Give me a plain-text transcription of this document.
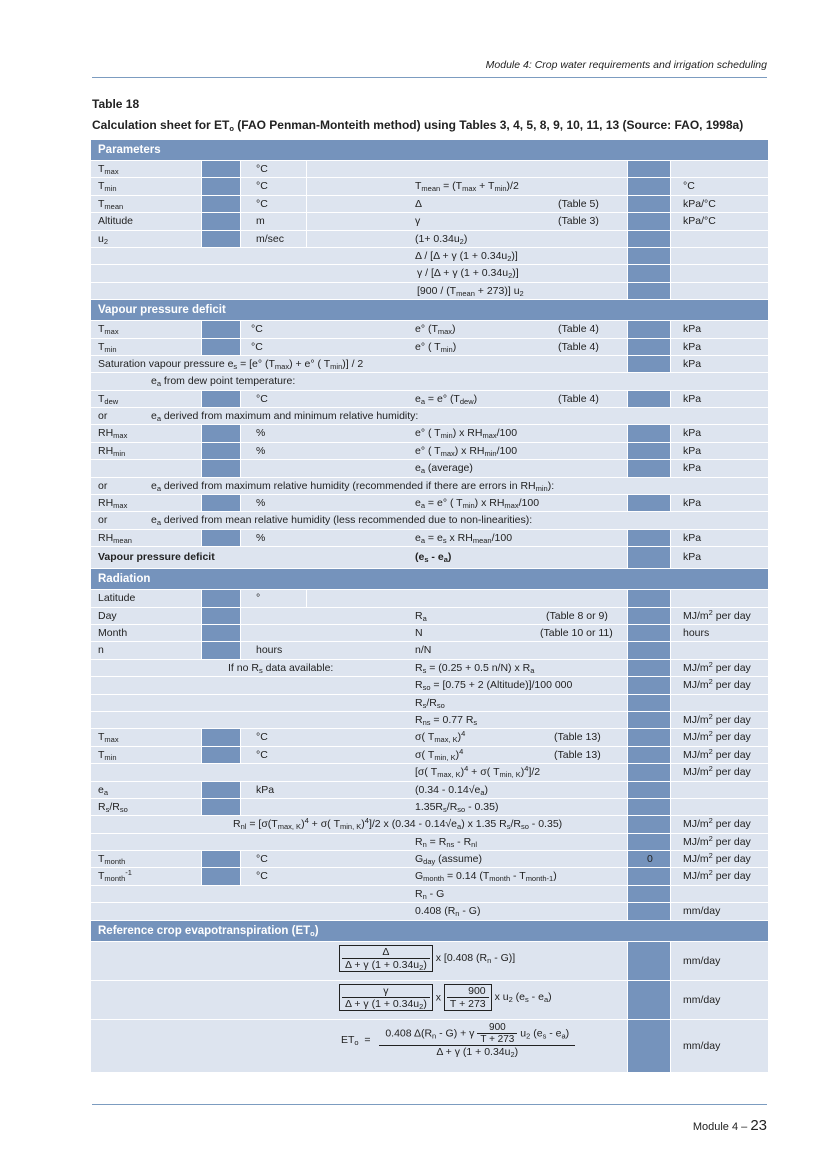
Module 4: Crop water requirements and irrigation scheduling
Table 18
Calculation sheet for $ET_o$ (FAO Penman-Monteith method) using Tables 3, 4, 5, 8, 9, 10, 11, 13 (Source: FAO, 1998a)
Parameters
$T_{max}$	°C
$T_{min}$	°C	$T_{mean} = (T_{max} + T_{min})/2$	°C
$T_{mean}$	°C	Δ	(Table 5)	kPa/°C
Altitude	m	γ	(Table 3)	kPa/°C
$u_2$	m/sec	$(1+ 0.34u_2)$
Δ / [Δ + γ $(1 + 0.34u_2)$]
γ / [Δ + γ $(1 + 0.34u_2)$]
$[900 / (T_{mean} + 273)]$ $u_2$
Vapour pressure deficit
$T_{max}$	°C	e° $(T_{max})$	(Table 4)	kPa
$T_{min}$	°C	e° ( $T_{min}$)	(Table 4)	kPa
Saturation vapour pressure $e_s = [e^\circ$ $(T_{max}) + e^\circ$ ( $T_{min})] / 2$	kPa
$e_a$ from dew point temperature:
$T_{dew}$	°C	$e_a = e^\circ$ $(T_{dew})$	(Table 4)	kPa
or	$e_a$ derived from maximum and minimum relative humidity:
$RH_{max}$	%	e° ( $T_{min}$) x $RH_{max}/100$	kPa
$RH_{min}$	%	e° ( $T_{max}$) x $RH_{min}/100$	kPa
$e_a$ (average)	kPa
or	$e_a$ derived from maximum relative humidity (recommended if there are errors in $RH_{min}$):
$RH_{max}$	%	$e_a = e^\circ$ ( $T_{min}$) x $RH_{max}/100$	kPa
or	$e_a$ derived from mean relative humidity (less recommended due to non-linearities):
$RH_{mean}$	%	$e_a = e_s$ x $RH_{mean}/100$	kPa
Vapour pressure deficit	$(e_s - e_a)$	kPa
Radiation
Latitude	°
Day	$R_a$	(Table 8 or 9)	$MJ/m^2$ per day
Month	N	(Table 10 or 11)	hours
n	hours	n/N
If no $R_s$ data available:	$R_s = (0.25 + 0.5$ n/N) x $R_a$	$MJ/m^2$ per day
$R_{so} = [0.75 + 2$ (Altitude)]/100 000	$MJ/m^2$ per day
$R_s/R_{so}$
$R_{ns} = 0.77$ $R_s$	$MJ/m^2$ per day
$T_{max}$	°C	σ( $T_{max, K})^4$	(Table 13)	$MJ/m^2$ per day
$T_{min}$	°C	σ( $T_{min, K})^4$	(Table 13)	$MJ/m^2$ per day
[σ( $T_{max, K})^4 + \sigma$( $T_{min, K})^4]/2$	$MJ/m^2$ per day
$e_a$	kPa	$(0.34 - 0.14√e_a)$
$R_s/R_{so}$	$1.35R_s/R_{so} - 0.35$)
$R_{nl} = [\sigma(T_{max, K})^4 + \sigma$( $T_{min, K})^4]/2$ x $(0.34 - 0.14√e_a)$ x 1.35 $R_s/R_{so} - 0.35$)	$MJ/m^2$ per day
$R_n = R_{ns} - R_{nl}$	$MJ/m^2$ per day
$T_{month}$	°C	$G_{day}$ (assume)	0	$MJ/m^2$ per day
$T_{month}^{-1}$	°C	$G_{month} = 0.14$ $(T_{month} - T_{month-1})$	$MJ/m^2$ per day
$R_n$ - G
0.408 $(R_n - G)$	mm/day
Reference crop evapotranspiration $(ET_o)$
$\frac{\Delta}{\Delta + \gamma (1 + 0.34u_2)}$ x [0.408 $(R_n - G)$]	mm/day
$\frac{\gamma}{\Delta + \gamma (1 + 0.34u_2)}$ x $\frac{900}{T + 273}$ x $u_2$ $(e_s - e_a)$	mm/day
$ET_o = \frac{0.408 \Delta(R_n - G) + \gamma \frac{900}{T + 273} u_2 (e_s - e_a)}{\Delta + \gamma (1 + 0.34u_2)}$	mm/day
Module 4 – 23
